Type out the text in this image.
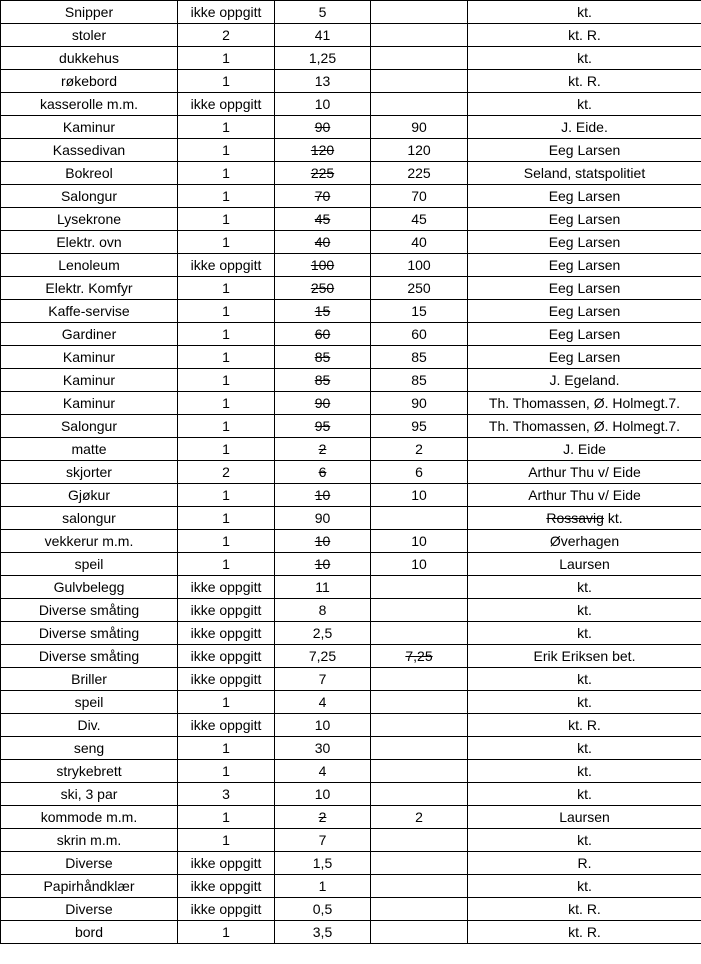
Snipper	ikke oppgitt	5		kt.
stoler	2	41		kt. R.
dukkehus	1	1,25		kt.
røkebord	1	13		kt. R.
kasserolle m.m.	ikke oppgitt	10		kt.
Kaminur	1	90	90	J. Eide.
Kassedivan	1	120	120	Eeg Larsen
Bokreol	1	225	225	Seland, statspolitiet
Salongur	1	70	70	Eeg Larsen
Lysekrone	1	45	45	Eeg Larsen
Elektr. ovn	1	40	40	Eeg Larsen
Lenoleum	ikke oppgitt	100	100	Eeg Larsen
Elektr. Komfyr	1	250	250	Eeg Larsen
Kaffe-servise	1	15	15	Eeg Larsen
Gardiner	1	60	60	Eeg Larsen
Kaminur	1	85	85	Eeg Larsen
Kaminur	1	85	85	J. Egeland.
Kaminur	1	90	90	Th. Thomassen, Ø. Holmegt.7.
Salongur	1	95	95	Th. Thomassen, Ø. Holmegt.7.
matte	1	2	2	J. Eide
skjorter	2	6	6	Arthur Thu v/ Eide
Gjøkur	1	10	10	Arthur Thu v/ Eide
salongur	1	90		Rossavig kt.
vekkerur m.m.	1	10	10	Øverhagen
speil	1	10	10	Laursen
Gulvbelegg	ikke oppgitt	11		kt.
Diverse småting	ikke oppgitt	8		kt.
Diverse småting	ikke oppgitt	2,5		kt.
Diverse småting	ikke oppgitt	7,25	7,25	Erik Eriksen bet.
Briller	ikke oppgitt	7		kt.
speil	1	4		kt.
Div.	ikke oppgitt	10		kt. R.
seng	1	30		kt.
strykebrett	1	4		kt.
ski, 3 par	3	10		kt.
kommode m.m.	1	2	2	Laursen
skrin m.m.	1	7		kt.
Diverse	ikke oppgitt	1,5		R.
Papirhåndklær	ikke oppgitt	1		kt.
Diverse	ikke oppgitt	0,5		kt. R.
bord	1	3,5		kt. R.
